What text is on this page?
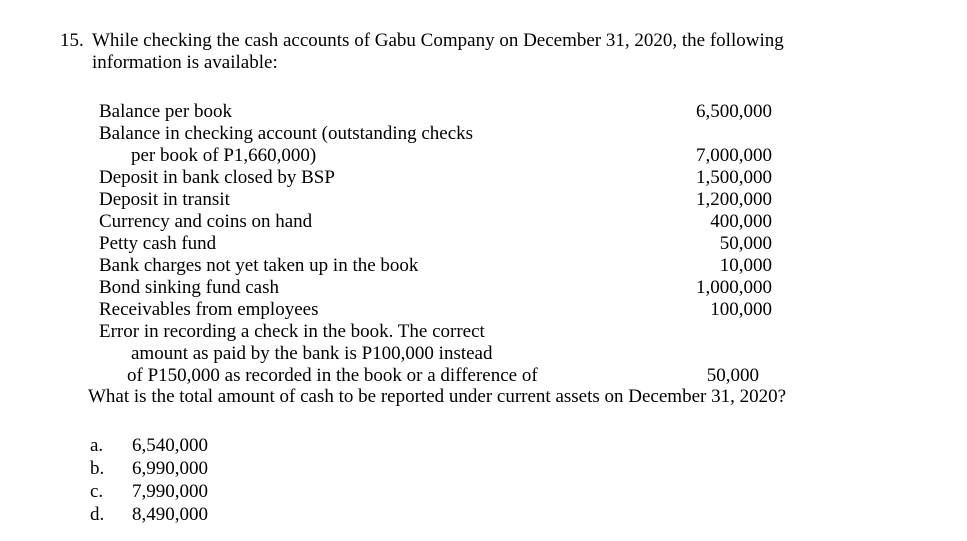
15. While checking the cash accounts of Gabu Company on December 31, 2020, the following
information is available:
Balance per book	6,500,000
Balance in checking account (outstanding checks
per book of P1,660,000)	7,000,000
Deposit in bank closed by BSP	1,500,000
Deposit in transit	1,200,000
Currency and coins on hand	400,000
Petty cash fund	50,000
Bank charges not yet taken up in the book	10,000
Bond sinking fund cash	1,000,000
Receivables from employees	100,000
Error in recording a check in the book. The correct
amount as paid by the bank is P100,000 instead
of P150,000 as recorded in the book or a difference of	50,000
What is the total amount of cash to be reported under current assets on December 31, 2020?
a. 6,540,000
b. 6,990,000
c. 7,990,000
d. 8,490,000
